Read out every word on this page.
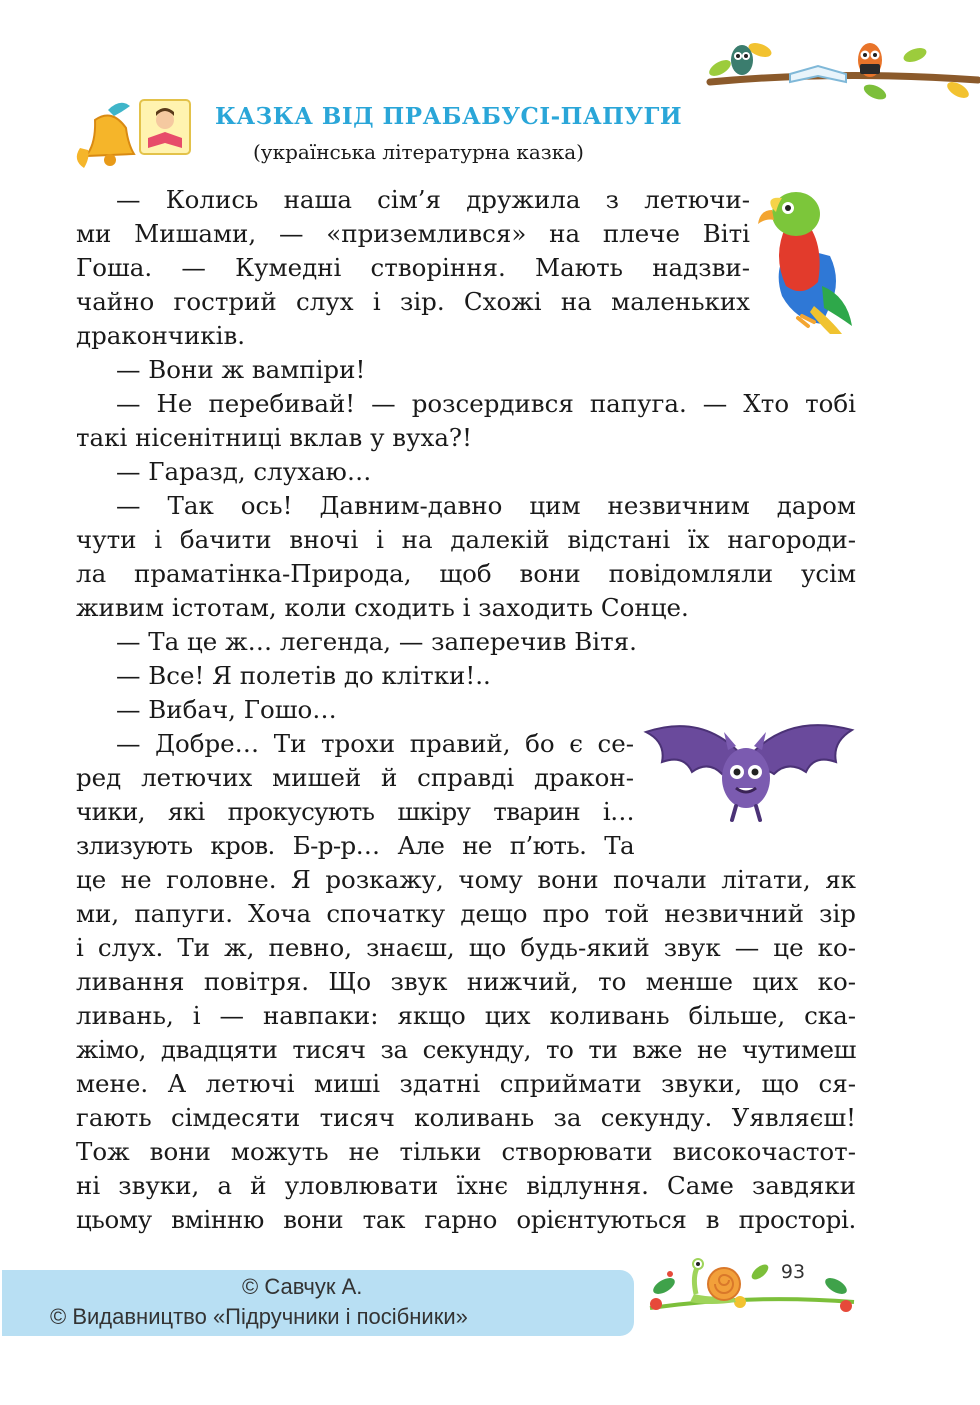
КАЗКА ВІД ПРАБАБУСІ-ПАПУГИ
(українська літературна казка)
— Колись наша сім’я дружила з летючи-
ми Мишами, — «приземлився» на плече Віті
Гоша. — Кумедні створіння. Мають надзви-
чайно гострий слух і зір. Схожі на маленьких
дракончиків.
— Вони ж вампіри!
— Не перебивай! — розсердився папуга. — Хто тобі
такі нісенітниці вклав у вуха?!
— Гаразд, слухаю…
— Так ось! Давним-давно цим незвичним даром
чути і бачити вночі і на далекій відстані їх нагороди-
ла праматінка-Природа, щоб вони повідомляли усім
живим істотам, коли сходить і заходить Сонце.
— Та це ж… легенда, — заперечив Вітя.
— Все! Я полетів до клітки!..
— Вибач, Гошо…
— Добре… Ти трохи правий, бо є се-
ред летючих мишей й справді дракон-
чики, які прокусують шкіру тварин і…
злизують кров. Б-р-р… Але не п’ють. Та
це не головне. Я розкажу, чому вони почали літати, як
ми, папуги. Хоча спочатку дещо про той незвичний зір
і слух. Ти ж, певно, знаєш, що будь-який звук — це ко-
ливання повітря. Що звук нижчий, то менше цих ко-
ливань, і — навпаки: якщо цих коливань більше, ска-
жімо, двадцяти тисяч за секунду, то ти вже не чутимеш
мене. А летючі миші здатні сприймати звуки, що ся-
гають сімдесяти тисяч коливань за секунду. Уявляєш!
Тож вони можуть не тільки створювати високочастот-
ні звуки, а й уловлювати їхнє відлуння. Саме завдяки
цьому вмінню вони так гарно орієнтуються в просторі.
93
© Савчук А.
© Видавництво «Підручники і посібники»
